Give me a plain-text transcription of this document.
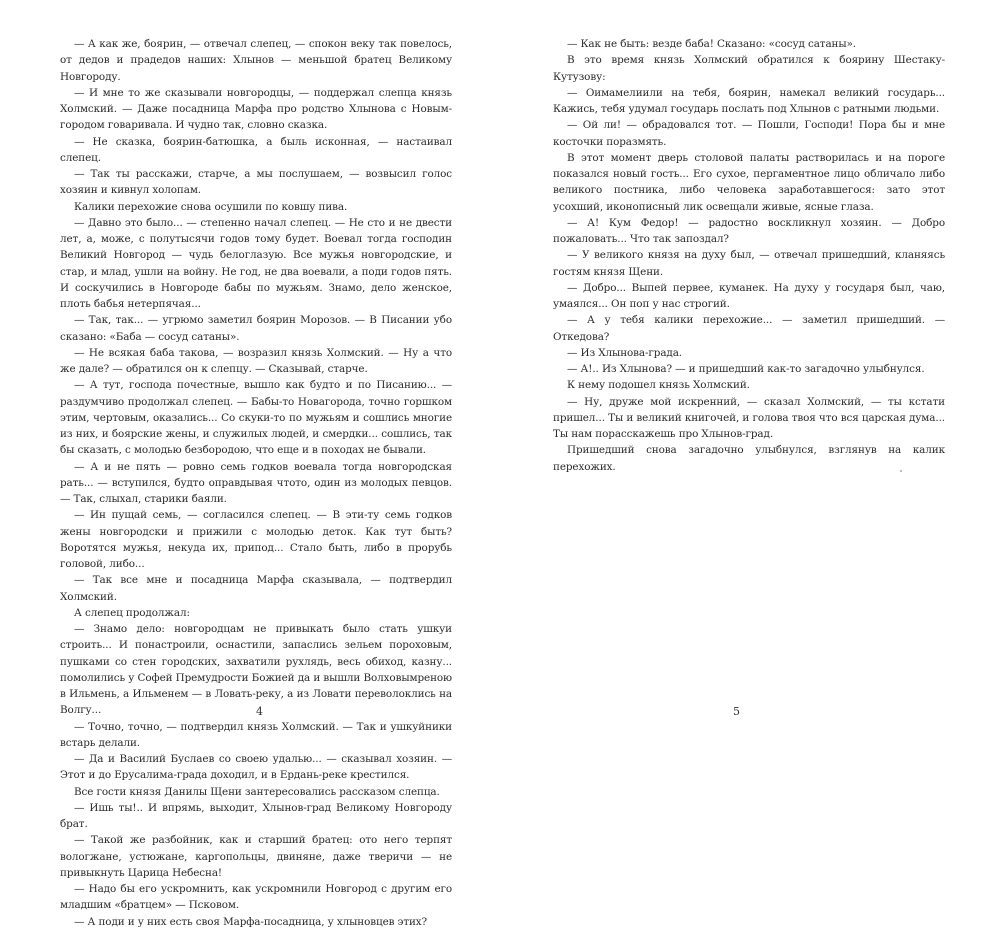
— А как же, боярин, — отвечал слепец, — спокон веку так повелось, от дедов и прадедов наших: Хлынов — меньшой братец Великому Новгороду.

— И мне то же сказывали новгородцы, — поддержал слепца князь Холмский. — Даже посадница Марфа про родство Хлынова с Новым-городом говаривала. И чудно так, словно сказка.

— Не сказка, боярин-батюшка, а быль исконная, — настаивал слепец.

— Так ты расскажи, старче, а мы послушаем, — возвысил голос хозяин и кивнул холопам.

Калики перехожие снова осушили по ковшу пива.

— Давно это было... — степенно начал слепец. — Не сто и не двести лет, а, може, с полутысячи годов тому будет. Воевал тогда господин Великий Новгород — чудь белоглазую. Все мужья новгородские, и стар, и млад, ушли на войну. Не год, не два воевали, а поди годов пять. И соскучились в Новгороде бабы по мужьям. Знамо, дело женское, плоть бабья нетерпячая...

— Так, так... — угрюмо заметил боярин Морозов. — В Писании убо сказано: «Баба — сосуд сатаны».

— Не всякая баба такова, — возразил князь Холмский. — Ну а что же дале? — обратился он к слепцу. — Сказывай, старче.

— А тут, господа почестные, вышло как будто и по Писанию... — раздумчиво продолжал слепец. — Бабы-то Новагорода, точно горшком этим, чертовым, оказались... Со скуки-то по мужьям и сошлись многие из них, и боярские жены, и служилых людей, и смердки... сошлись, так бы сказать, с молодью безбородою, что еще и в походах не бывали.

— А и не пять — ровно семь годков воевала тогда новгородская рать... — вступился, будто оправдывая чтото, один из молодых певцов. — Так, слыхал, старики баяли.

— Ин пущай семь, — согласился слепец. — В эти-ту семь годков жены новгородски и прижили с молодью деток. Как тут быть? Воротятся мужья, некуда их, припод... Стало быть, либо в прорубь головой, либо...

— Так все мне и посадница Марфа сказывала, — подтвердил Холмский.

А слепец продолжал:

— Знамо дело: новгородцам не привыкать было стать ушкуи строить... И понастроили, оснастили, запаслись зельем пороховым, пушками со стен городских, захватили рухлядь, весь обиход, казну... помолились у Софей Премудрости Божией да и вышли Волховымреною в Ильмень, а Ильменем — в Ловать-реку, а из Ловати переволоклись на Волгу...

— Точно, точно, — подтвердил князь Холмский. — Так и ушкуйники встарь делали.

— Да и Василий Буслаев со своею удалью... — сказывал хозяин. — Этот и до Ерусалима-града доходил, и в Ердань-реке крестился.

Все гости князя Данилы Щени зантересовались рассказом слепца.

— Ишь ты!.. И впрямь, выходит, Хлынов-град Великому Новгороду брат.

— Такой же разбойник, как и старший братец: ото него терпят вологжане, устюжане, каргопольцы, двиняне, даже тверичи — не привыкнуть Царица Небесна!

— Надо бы его ускромнить, как ускромнили Новгород с другим его младшим «братцем» — Псковом.

— А поди и у них есть своя Марфа-посадница, у хлыновцев этих?

4

— Как не быть: везде баба! Сказано: «сосуд сатаны».

В это время князь Холмский обратился к боярину Шестаку-Кутузову:

— Оимамелиили на тебя, боярин, намекал великий государь... Кажись, тебя удумал государь послать под Хлынов с ратными людьми.

— Ой ли! — обрадовался тот. — Пошли, Господи! Пора бы и мне косточки поразмять.

В этот момент дверь столовой палаты растворилась и на пороге показался новый гость... Его сухое, пергаментное лицо обличало либо великого постника, либо человека заработавшегося: зато этот усохший, иконописный лик освещали живые, ясные глаза.

— А! Кум Федор! — радостно воскликнул хозяин. — Добро пожаловать... Что так запоздал?

— У великого князя на духу был, — отвечал пришедший, кланяясь гостям князя Щени.

— Добро... Выпей первее, куманек. На духу у государя был, чаю, умаялся... Он поп у нас строгий.

— А у тебя калики перехожие... — заметил пришедший. — Откедова?

— Из Хлынова-града.

— А!.. Из Хлынова? — и пришедший как-то загадочно улыбнулся.

К нему подошел князь Холмский.

— Ну, друже мой искренний, — сказал Холмский, — ты кстати пришел... Ты и великий книгочей, и голова твоя что вся царская дума... Ты нам порасскажешь про Хлынов-град.

Пришедший снова загадочно улыбнулся, взглянув на калик перехожих.

5
